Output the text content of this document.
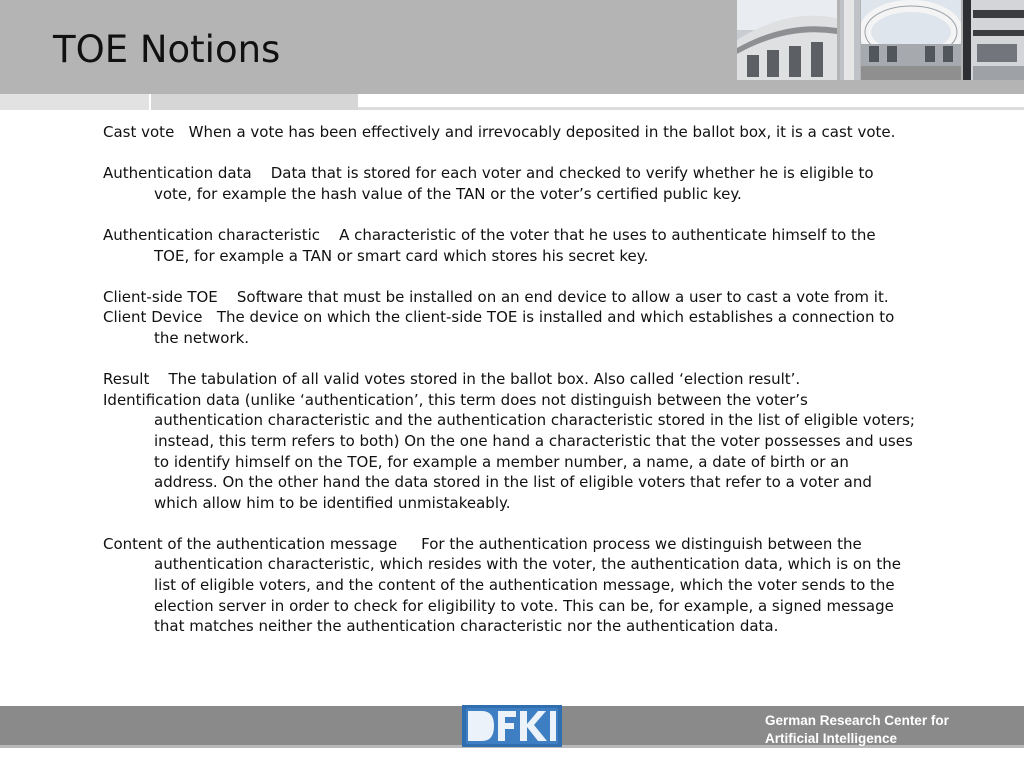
TOE Notions

Cast vote When a vote has been effectively and irrevocably deposited in the ballot box, it is a cast vote.

Authentication data Data that is stored for each voter and checked to verify whether he is eligible to vote, for example the hash value of the TAN or the voter’s certified public key.

Authentication characteristic A characteristic of the voter that he uses to authenticate himself to the TOE, for example a TAN or smart card which stores his secret key.

Client-side TOE Software that must be installed on an end device to allow a user to cast a vote from it.

Client Device The device on which the client-side TOE is installed and which establishes a connection to the network.

Result The tabulation of all valid votes stored in the ballot box. Also called ‘election result’.

Identification data (unlike ‘authentication’, this term does not distinguish between the voter’s authentication characteristic and the authentication characteristic stored in the list of eligible voters; instead, this term refers to both) On the one hand a characteristic that the voter possesses and uses to identify himself on the TOE, for example a member number, a name, a date of birth or an address. On the other hand the data stored in the list of eligible voters that refer to a voter and which allow him to be identified unmistakeably.

Content of the authentication message For the authentication process we distinguish between the authentication characteristic, which resides with the voter, the authentication data, which is on the list of eligible voters, and the content of the authentication message, which the voter sends to the election server in order to check for eligibility to vote. This can be, for example, a signed message that matches neither the authentication characteristic nor the authentication data.

German Research Center for
Artificial Intelligence
